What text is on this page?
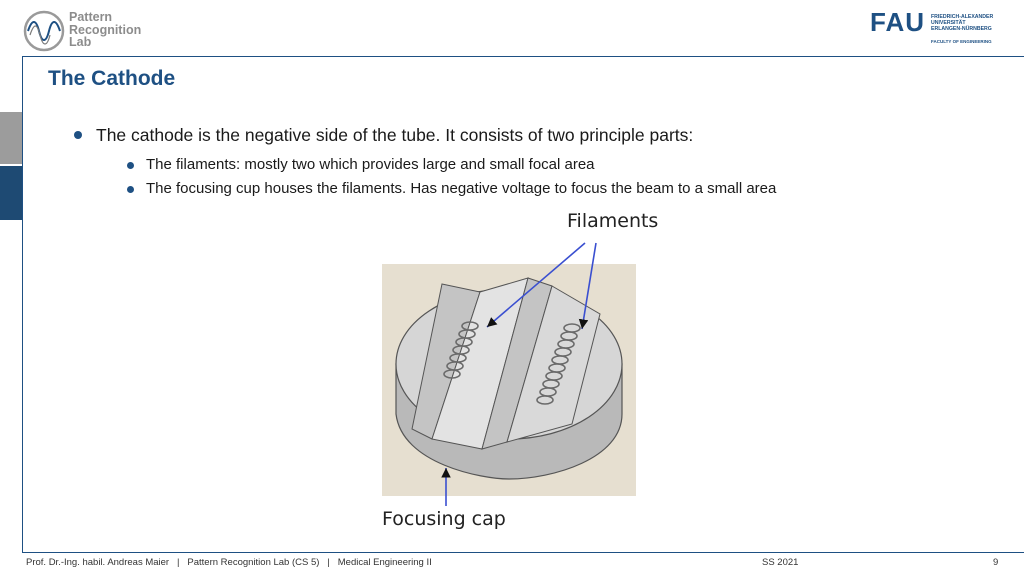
Pattern
Recognition
Lab
FAU FRIEDRICH-ALEXANDER
UNIVERSITÄT
ERLANGEN-NÜRNBERG
FACULTY OF ENGINEERING
The Cathode
The cathode is the negative side of the tube. It consists of two principle parts:
The filaments: mostly two which provides large and small focal area
The focusing cup houses the filaments. Has negative voltage to focus the beam to a small area
Filaments
Focusing cap
Prof. Dr.-Ing. habil. Andreas Maier   |   Pattern Recognition Lab (CS 5)   |   Medical Engineering II	SS 2021	9
